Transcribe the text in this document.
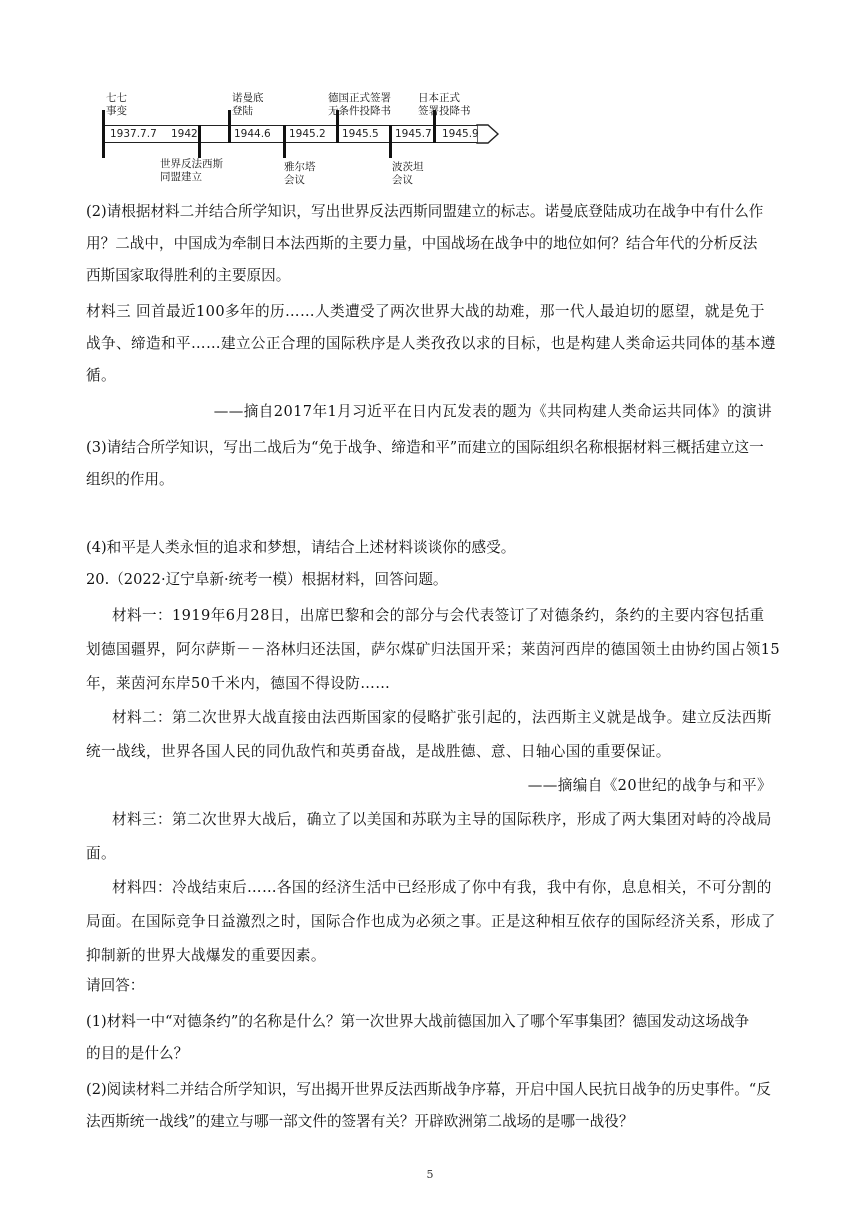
1937.7.7 1942	1944.6 1945.2 1945.5 1945.7 1945.9
七七
事变
诺曼底
登陆
德国正式签署
无条件投降书
日本正式
签署投降书
世界反法西斯
同盟建立
雅尔塔
会议
波茨坦
会议
(2)请根据材料二并结合所学知识，写出世界反法西斯同盟建立的标志。诺曼底登陆成功在战争中有什么作
用？二战中，中国成为牵制日本法西斯的主要力量，中国战场在战争中的地位如何？结合年代的分析反法
西斯国家取得胜利的主要原因。
材料三 回首最近100多年的历……人类遭受了两次世界大战的劫难，那一代人最迫切的愿望，就是免于
战争、缔造和平……建立公正合理的国际秩序是人类孜孜以求的目标，也是构建人类命运共同体的基本遵
循。
——摘自2017年1月习近平在日内瓦发表的题为《共同构建人类命运共同体》的演讲
(3)请结合所学知识，写出二战后为“免于战争、缔造和平”而建立的国际组织名称根据材料三概括建立这一
组织的作用。
(4)和平是人类永恒的追求和梦想，请结合上述材料谈谈你的感受。
20.（2022·辽宁阜新·统考一模）根据材料，回答问题。
材料一：1919年6月28日，出席巴黎和会的部分与会代表签订了对德条约，条约的主要内容包括重
划德国疆界，阿尔萨斯－－洛林归还法国，萨尔煤矿归法国开采；莱茵河西岸的德国领土由协约国占领15
年，莱茵河东岸50千米内，德国不得设防……
材料二：第二次世界大战直接由法西斯国家的侵略扩张引起的，法西斯主义就是战争。建立反法西斯
统一战线，世界各国人民的同仇敌忾和英勇奋战，是战胜德、意、日轴心国的重要保证。
——摘编自《20世纪的战争与和平》
材料三：第二次世界大战后，确立了以美国和苏联为主导的国际秩序，形成了两大集团对峙的冷战局
面。
材料四：冷战结束后……各国的经济生活中已经形成了你中有我，我中有你，息息相关，不可分割的
局面。在国际竞争日益激烈之时，国际合作也成为必须之事。正是这种相互依存的国际经济关系，形成了
抑制新的世界大战爆发的重要因素。
请回答：
(1)材料一中“对德条约”的名称是什么？第一次世界大战前德国加入了哪个军事集团？德国发动这场战争
的目的是什么？
(2)阅读材料二并结合所学知识，写出揭开世界反法西斯战争序幕，开启中国人民抗日战争的历史事件。“反
法西斯统一战线”的建立与哪一部文件的签署有关？开辟欧洲第二战场的是哪一战役？
5
